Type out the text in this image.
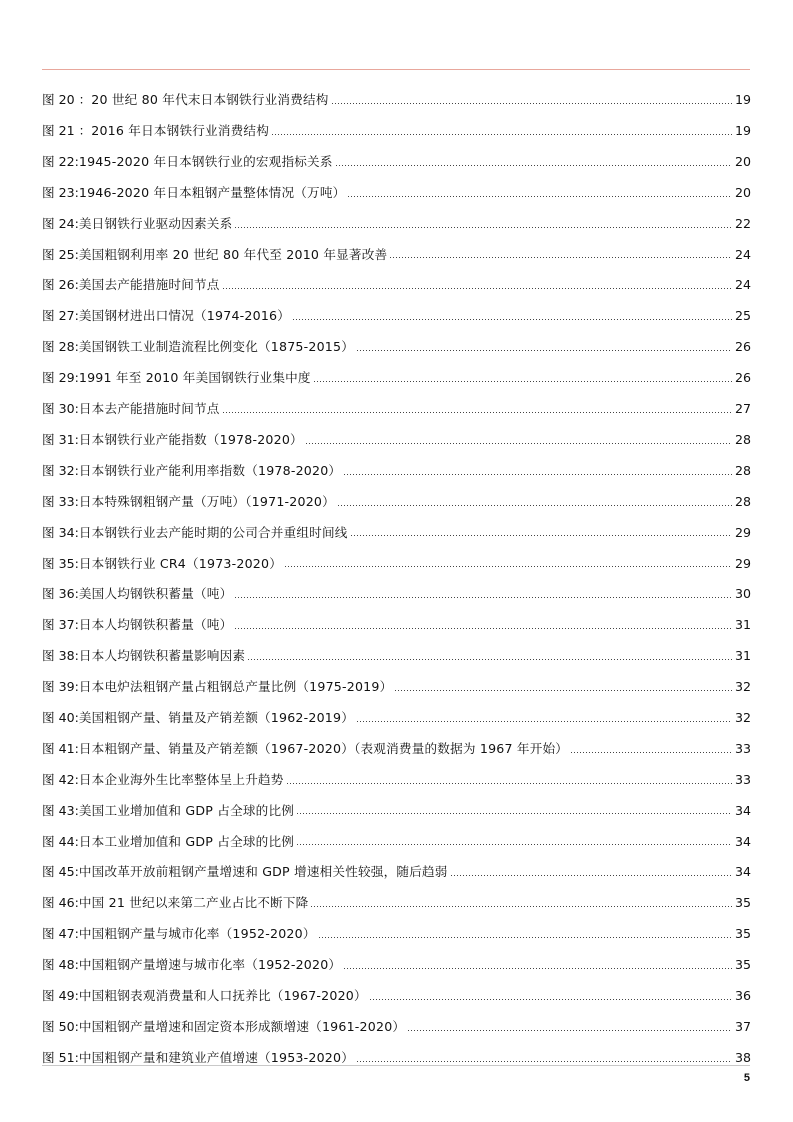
图 20 ： 20 世纪 80 年代末日本钢铁行业消费结构	19
图 21 ： 2016 年日本钢铁行业消费结构	19
图 22: 1945-2020 年日本钢铁行业的宏观指标关系	20
图 23: 1946-2020 年日本粗钢产量整体情况（万吨）	20
图 24: 美日钢铁行业驱动因素关系	22
图 25: 美国粗钢利用率 20 世纪 80 年代至 2010 年显著改善	24
图 26: 美国去产能措施时间节点	24
图 27: 美国钢材进出口情况（1974-2016）	25
图 28: 美国钢铁工业制造流程比例变化（1875-2015）	26
图 29: 1991 年至 2010 年美国钢铁行业集中度	26
图 30: 日本去产能措施时间节点	27
图 31: 日本钢铁行业产能指数（1978-2020）	28
图 32: 日本钢铁行业产能利用率指数（1978-2020）	28
图 33: 日本特殊钢粗钢产量（万吨）（1971-2020）	28
图 34: 日本钢铁行业去产能时期的公司合并重组时间线	29
图 35: 日本钢铁行业 CR4（1973-2020）	29
图 36: 美国人均钢铁积蓄量（吨）	30
图 37: 日本人均钢铁积蓄量（吨）	31
图 38: 日本人均钢铁积蓄量影响因素	31
图 39: 日本电炉法粗钢产量占粗钢总产量比例（1975-2019）	32
图 40: 美国粗钢产量、销量及产销差额（1962-2019）	32
图 41: 日本粗钢产量、销量及产销差额（1967-2020）（表观消费量的数据为 1967 年开始）	33
图 42: 日本企业海外生比率整体呈上升趋势	33
图 43: 美国工业增加值和 GDP 占全球的比例	34
图 44: 日本工业增加值和 GDP 占全球的比例	34
图 45: 中国改革开放前粗钢产量增速和 GDP 增速相关性较强，随后趋弱	34
图 46: 中国 21 世纪以来第二产业占比不断下降	35
图 47: 中国粗钢产量与城市化率（1952-2020）	35
图 48: 中国粗钢产量增速与城市化率（1952-2020）	35
图 49: 中国粗钢表观消费量和人口抚养比（1967-2020）	36
图 50: 中国粗钢产量增速和固定资本形成额增速（1961-2020）	37
图 51: 中国粗钢产量和建筑业产值增速（1953-2020）	38
5
